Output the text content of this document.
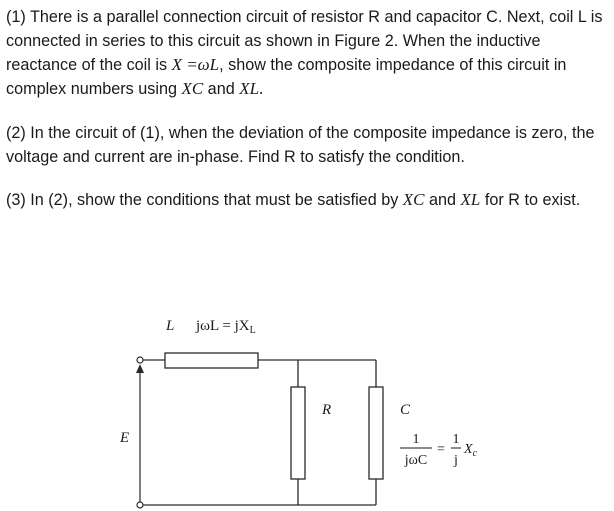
(1) There is a parallel connection circuit of resistor R and capacitor C. Next, coil L is connected in series to this circuit as shown in Figure 2. When the inductive reactance of the coil is X =ωL, show the composite impedance of this circuit in complex numbers using XC and XL.
(2) In the circuit of (1), when the deviation of the composite impedance is zero, the voltage and current are in-phase. Find R to satisfy the condition.
(3) In (2), show the conditions that must be satisfied by XC and XL for R to exist.
L $j\omega L = jX_L$
R	C
E	1
jωC
=
1
j
$X_c$
